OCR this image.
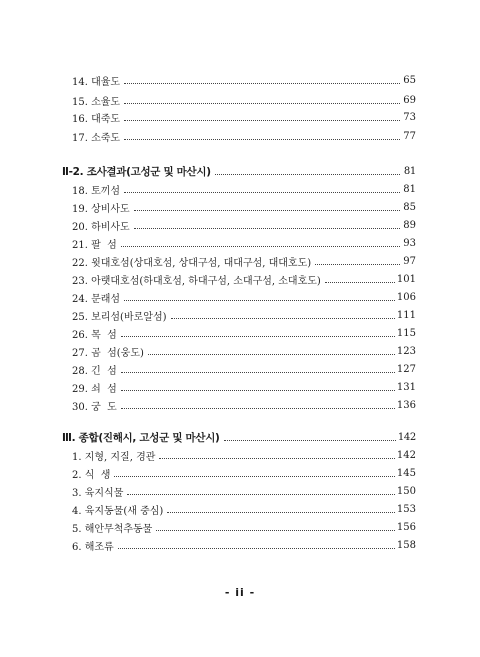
14. 대율도	65
15. 소율도	69
16. 대죽도	73
17. 소죽도	77
Ⅱ-2. 조사결과(고성군 및 마산시)	81
18. 토끼섬	81
19. 상비사도	85
20. 하비사도	89
21. 팔  섬	93
22. 윗대호섬(상대호섬, 상대구섬, 대대구섬, 대대호도)	97
23. 아랫대호섬(하대호섬, 하대구섬, 소대구섬, 소대호도)	101
24. 문래섬	106
25. 보리섬(바로알섬)	111
26. 목  섬	115
27. 곰  섬(웅도)	123
28. 긴  섬	127
29. 쇠  섬	131
30. 궁  도	136
Ⅲ. 종합(진해시, 고성군 및 마산시)	142
1. 지형, 지질, 경관	142
2. 식  생	145
3. 육지식물	150
4. 육지동물(새 중심)	153
5. 해안무척추동물	156
6. 해조류	158
- ii -
